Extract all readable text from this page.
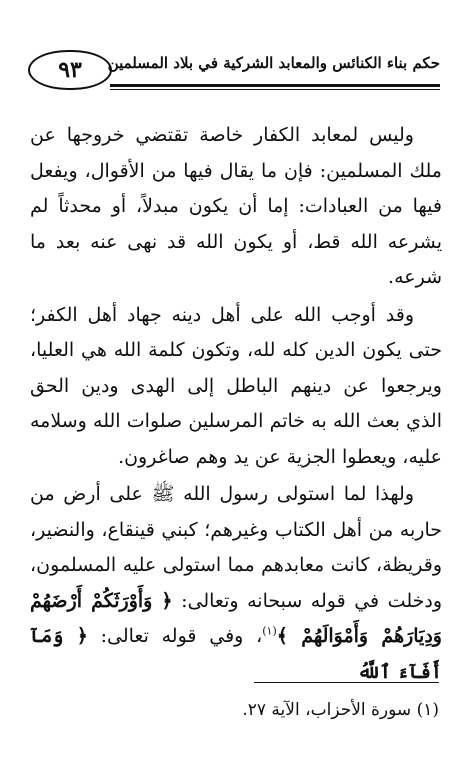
٩٣	حكم بناء الكنائس والمعابد الشركية في بلاد المسلمين

وليس لمعابد الكفار خاصة تقتضي خروجها عن ملك المسلمين: فإن ما يقال فيها من الأقوال، ويفعل فيها من العبادات: إما أن يكون مبدلاً، أو محدثاً لم يشرعه الله قط، أو يكون الله قد نهى عنه بعد ما شرعه.

وقد أوجب الله على أهل دينه جهاد أهل الكفر؛ حتى يكون الدين كله لله، وتكون كلمة الله هي العليا، ويرجعوا عن دينهم الباطل إلى الهدى ودين الحق الذي بعث الله به خاتم المرسلين صلوات الله وسلامه عليه، ويعطوا الجزية عن يد وهم صاغرون.

ولهذا لما استولى رسول الله ﷺ على أرض من حاربه من أهل الكتاب وغيرهم؛ كبني قينقاع، والنضير، وقريظة، كانت معابدهم مما استولى عليه المسلمون، ودخلت في قوله سبحانه وتعالى: ﴿ وَأَوْرَثَكُمْ أَرْضَهُمْ وَدِيَارَهُمْ وَأَمْوَالَهُمْ ﴾$^{(١)}$، وفي قوله تعالى: ﴿ وَمَآ أَفَآءَ ٱللَّهُ

(١) سورة الأحزاب، الآية ٢٧.
